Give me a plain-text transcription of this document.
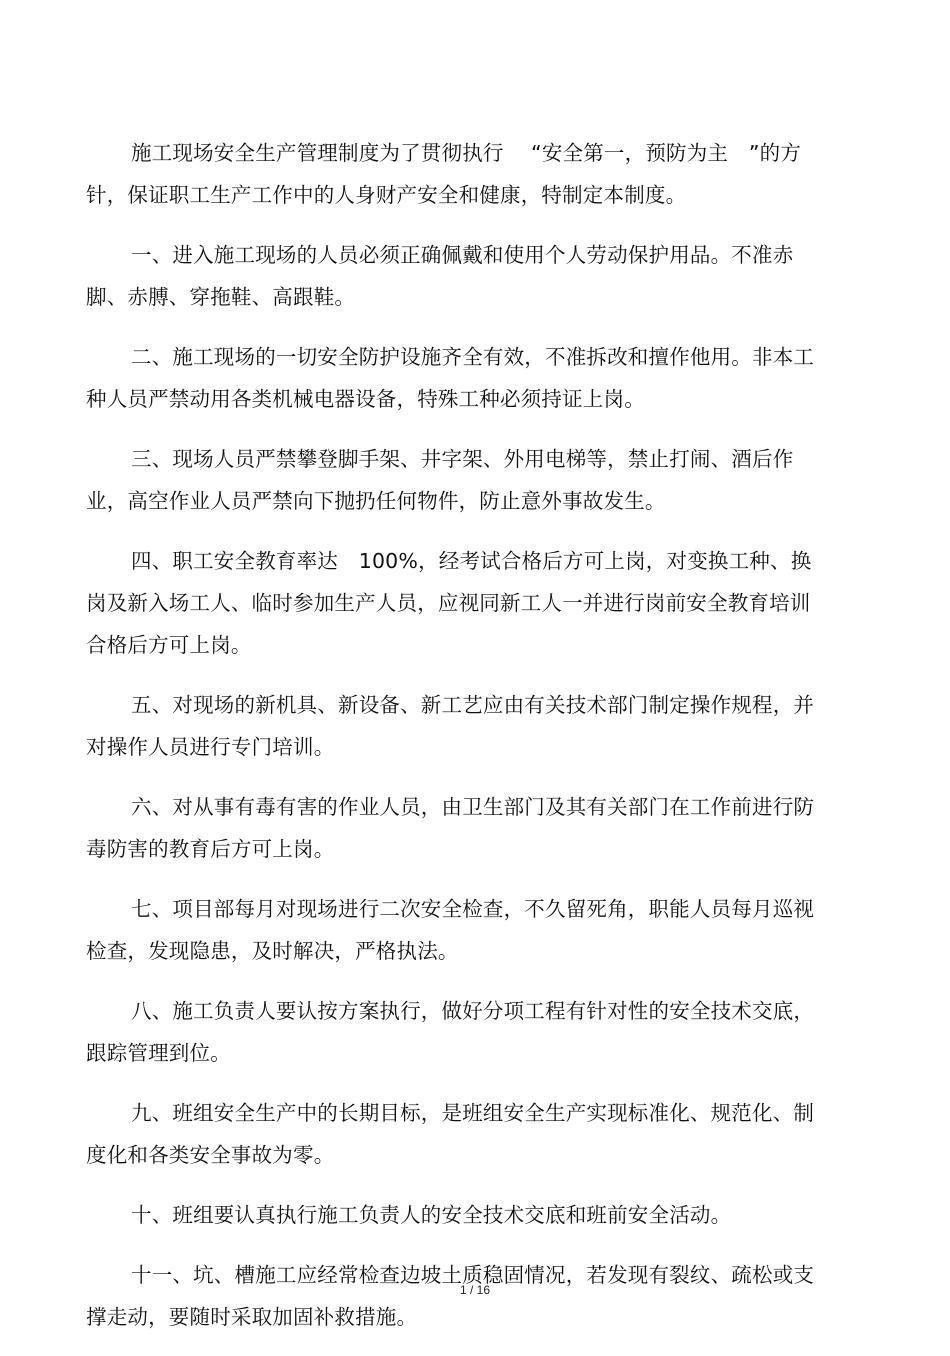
施工现场安全生产管理制度为了贯彻执行　 “安全第一，预防为主　”的方针，保证职工生产工作中的人身财产安全和健康，特制定本制度。

一、进入施工现场的人员必须正确佩戴和使用个人劳动保护用品。不准赤脚、赤膊、穿拖鞋、高跟鞋。

二、施工现场的一切安全防护设施齐全有效，不准拆改和擅作他用。非本工种人员严禁动用各类机械电器设备，特殊工种必须持证上岗。

三、现场人员严禁攀登脚手架、井字架、外用电梯等，禁止打闹、酒后作业，高空作业人员严禁向下抛扔任何物件，防止意外事故发生。

四、职工安全教育率达　100%，经考试合格后方可上岗，对变换工种、换岗及新入场工人、临时参加生产人员，应视同新工人一并进行岗前安全教育培训合格后方可上岗。

五、对现场的新机具、新设备、新工艺应由有关技术部门制定操作规程，并对操作人员进行专门培训。

六、对从事有毒有害的作业人员，由卫生部门及其有关部门在工作前进行防毒防害的教育后方可上岗。

七、项目部每月对现场进行二次安全检查，不久留死角，职能人员每月巡视检查，发现隐患，及时解决，严格执法。

八、施工负责人要认按方案执行，做好分项工程有针对性的安全技术交底，跟踪管理到位。

九、班组安全生产中的长期目标，是班组安全生产实现标准化、规范化、制度化和各类安全事故为零。

十、班组要认真执行施工负责人的安全技术交底和班前安全活动。

十一、坑、槽施工应经常检查边坡土质稳固情况，若发现有裂纹、疏松或支撑走动，要随时采取加固补救措施。

1 / 16
